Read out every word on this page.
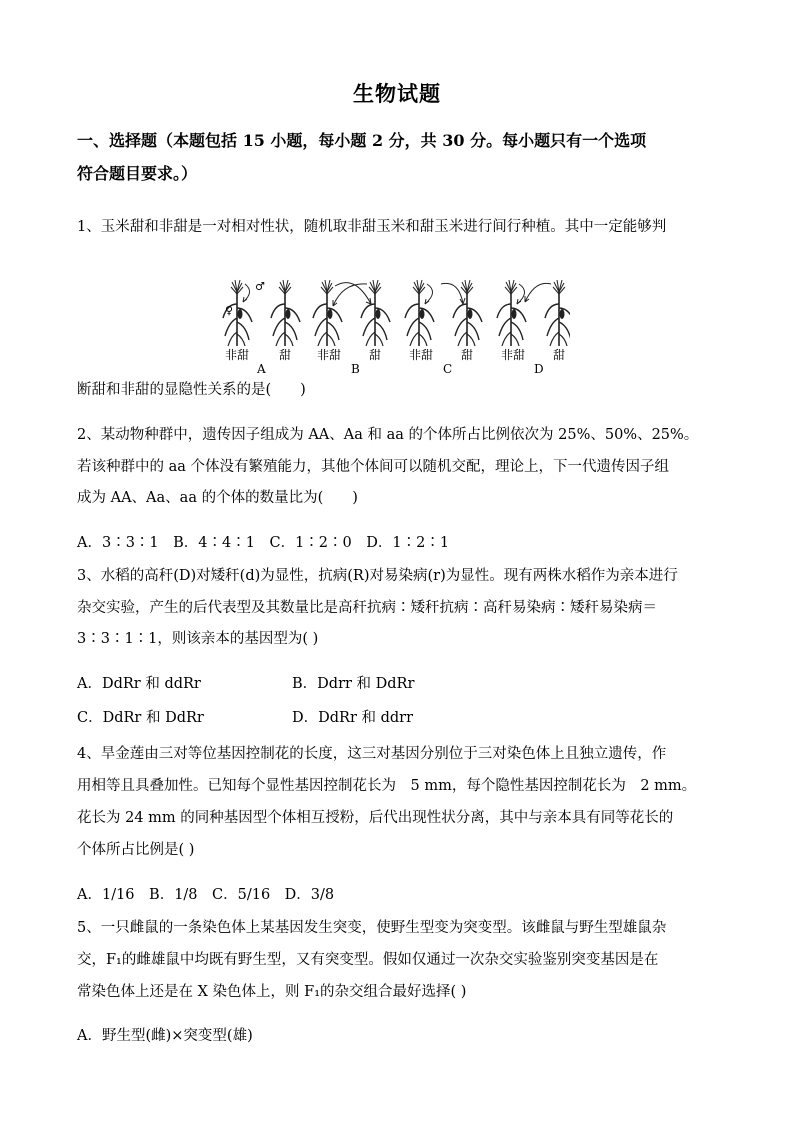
生物试题
一、选择题（本题包括 15 小题，每小题 2 分，共 30 分。每小题只有一个选项
符合题目要求。）
1、玉米甜和非甜是一对相对性状，随机取非甜玉米和甜玉米进行间行种植。其中一定能够判
♂
♀
非甜 甜 非甜 甜 非甜 甜 非甜 甜
A	B	C	D
断甜和非甜的显隐性关系的是(　　)
2、某动物种群中，遗传因子组成为 AA、Aa 和 aa 的个体所占比例依次为 25%、50%、25%。
若该种群中的 aa 个体没有繁殖能力，其他个体间可以随机交配，理论上，下一代遗传因子组
成为 AA、Aa、aa 的个体的数量比为(　　)
A．3∶3∶1　B．4∶4∶1　C．1∶2∶0　D．1∶2∶1
3、水稻的高秆(D)对矮秆(d)为显性，抗病(R)对易染病(r)为显性。现有两株水稻作为亲本进行
杂交实验，产生的后代表型及其数量比是高秆抗病∶矮秆抗病∶高秆易染病∶矮秆易染病＝
3∶3∶1∶1，则该亲本的基因型为( )
A．DdRr 和 ddRr	B．Ddrr 和 DdRr
C．DdRr 和 DdRr	D．DdRr 和 ddrr
4、旱金莲由三对等位基因控制花的长度，这三对基因分别位于三对染色体上且独立遗传，作
用相等且具叠加性。已知每个显性基因控制花长为　5 mm，每个隐性基因控制花长为　2 mm。
花长为 24 mm 的同种基因型个体相互授粉，后代出现性状分离，其中与亲本具有同等花长的
个体所占比例是( )
A．1/16　B．1/8　C．5/16　D．3/8
5、一只雌鼠的一条染色体上某基因发生突变，使野生型变为突变型。该雌鼠与野生型雄鼠杂
交，F₁的雌雄鼠中均既有野生型，又有突变型。假如仅通过一次杂交实验鉴别突变基因是在
常染色体上还是在 X 染色体上，则 F₁的杂交组合最好选择( )
A．野生型(雌)×突变型(雄)
